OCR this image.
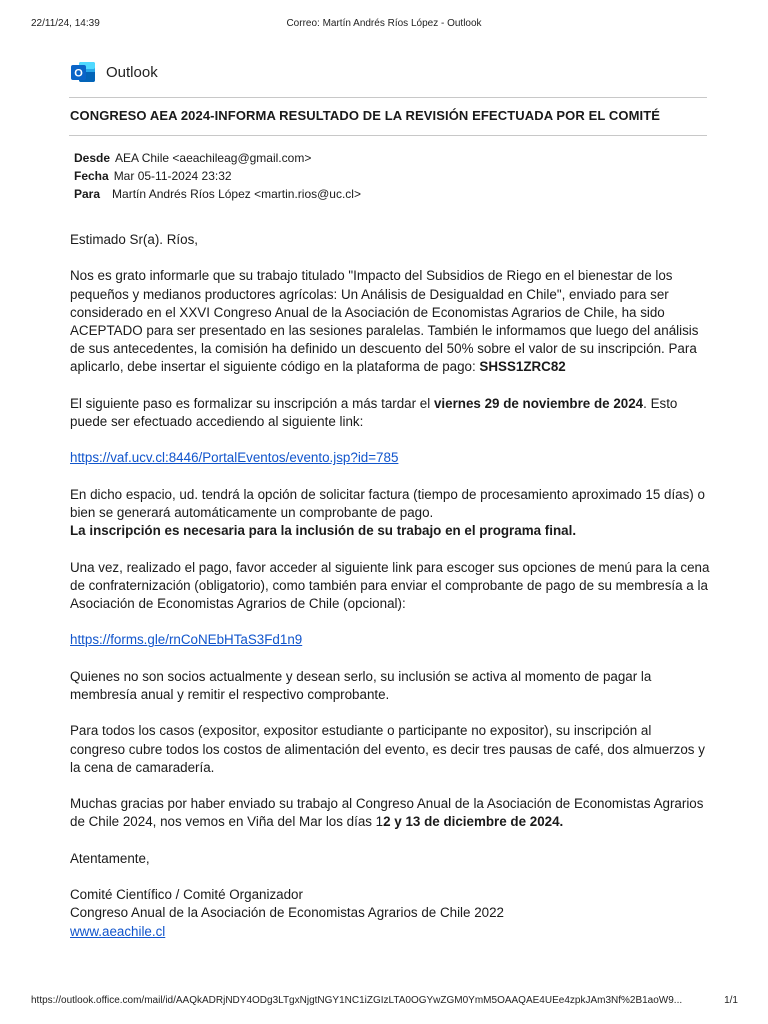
22/11/24, 14:39	Correo: Martín Andrés Ríos López - Outlook
O Outlook
CONGRESO AEA 2024-INFORMA RESULTADO DE LA REVISIÓN EFECTUADA POR EL COMITÉ
Desde AEA Chile <aeachileag@gmail.com>
Fecha Mar 05-11-2024 23:32
Para Martín Andrés Ríos López <martin.rios@uc.cl>

Estimado Sr(a). Ríos,

Nos es grato informarle que su trabajo titulado "Impacto del Subsidios de Riego en el bienestar de los pequeños y medianos productores agrícolas: Un Análisis de Desigualdad en Chile", enviado para ser considerado en el XXVI Congreso Anual de la Asociación de Economistas Agrarios de Chile, ha sido ACEPTADO para ser presentado en las sesiones paralelas. También le informamos que luego del análisis de sus antecedentes, la comisión ha definido un descuento del 50% sobre el valor de su inscripción. Para aplicarlo, debe insertar el siguiente código en la plataforma de pago: SHSS1ZRC82

El siguiente paso es formalizar su inscripción a más tardar el viernes 29 de noviembre de 2024. Esto puede ser efectuado accediendo al siguiente link:

https://vaf.ucv.cl:8446/PortalEventos/evento.jsp?id=785

En dicho espacio, ud. tendrá la opción de solicitar factura (tiempo de procesamiento aproximado 15 días) o bien se generará automáticamente un comprobante de pago.
La inscripción es necesaria para la inclusión de su trabajo en el programa final.

Una vez, realizado el pago, favor acceder al siguiente link para escoger sus opciones de menú para la cena de confraternización (obligatorio), como también para enviar el comprobante de pago de su membresía a la Asociación de Economistas Agrarios de Chile (opcional):

https://forms.gle/rnCoNEbHTaS3Fd1n9

Quienes no son socios actualmente y desean serlo, su inclusión se activa al momento de pagar la membresía anual y remitir el respectivo comprobante.

Para todos los casos (expositor, expositor estudiante o participante no expositor), su inscripción al congreso cubre todos los costos de alimentación del evento, es decir tres pausas de café, dos almuerzos y la cena de camaradería.

Muchas gracias por haber enviado su trabajo al Congreso Anual de la Asociación de Economistas Agrarios de Chile 2024, nos vemos en Viña del Mar los días 12 y 13 de diciembre de 2024.

Atentamente,

Comité Científico / Comité Organizador
Congreso Anual de la Asociación de Economistas Agrarios de Chile 2022
www.aeachile.cl

https://outlook.office.com/mail/id/AAQkADRjNDY4ODg3LTgxNjgtNGY1NC1iZGIzLTA0OGYwZGM0YmM5OAAQAE4UEe4zpkJAm3Nf%2B1aoW9...	1/1
